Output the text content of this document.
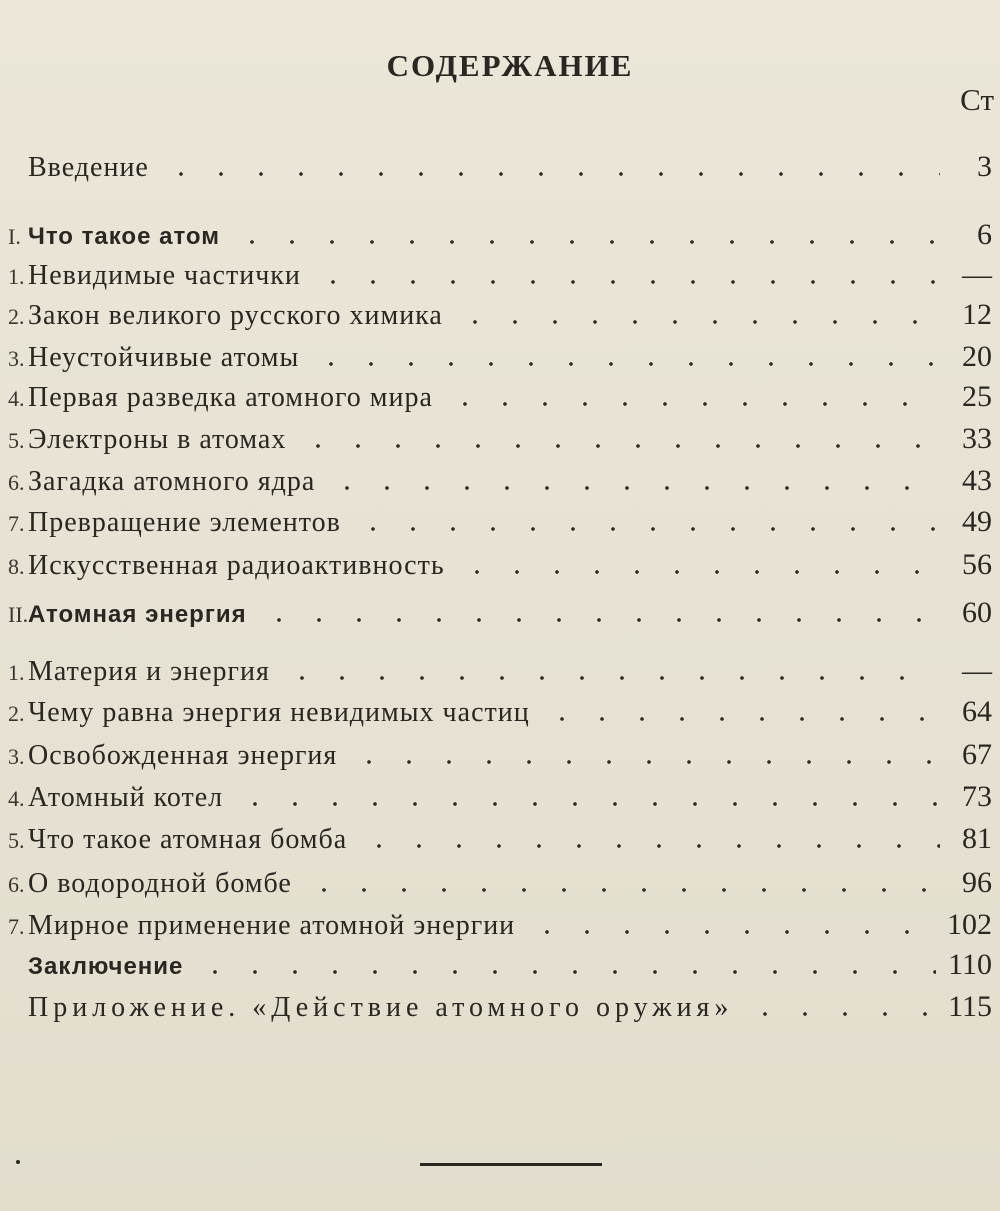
СОДЕРЖАНИЕ
Ст
Введение	3
I. Что такое атом	6
1. Невидимые частички	—
2. Закон великого русского химика	12
3. Неустойчивые атомы	20
4. Первая разведка атомного мира	25
5. Электроны в атомах	33
6. Загадка атомного ядра	43
7. Превращение элементов	49
8. Искусственная радиоактивность	56
II. Атомная энергия	60
1. Материя и энергия	—
2. Чему равна энергия невидимых частиц	64
3. Освобожденная энергия	67
4. Атомный котел	73
5. Что такое атомная бомба	81
6. О водородной бомбе	96
7. Мирное применение атомной энергии	102
Заключение	110
Приложение. «Действие атомного оружия»	115
